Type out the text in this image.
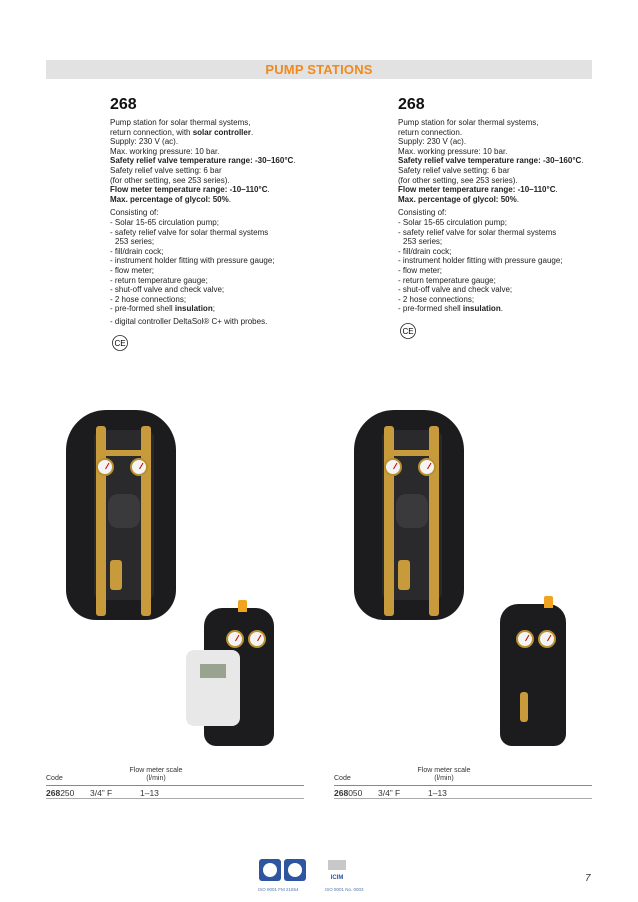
PUMP STATIONS
268
Pump station for solar thermal systems,
return connection, with solar controller.
Supply: 230 V (ac).
Max. working pressure: 10 bar.
Safety relief valve temperature range: -30–160°C.
Safety relief valve setting: 6 bar
(for other setting, see 253 series).
Flow meter temperature range: -10–110°C.
Max. percentage of glycol: 50%.
Consisting of:
- Solar 15-65 circulation pump;
- safety relief valve for solar thermal systems
253 series;
- fill/drain cock;
- instrument holder fitting with pressure gauge;
- flow meter;
- return temperature gauge;
- shut-off valve and check valve;
- 2 hose connections;
- pre-formed shell insulation;
- digital controller DeltaSol® C+ with probes.
CE
268
Pump station for solar thermal systems,
return connection.
Supply: 230 V (ac).
Max. working pressure: 10 bar.
Safety relief valve temperature range: -30–160°C.
Safety relief valve setting: 6 bar
(for other setting, see 253 series).
Flow meter temperature range: -10–110°C.
Max. percentage of glycol: 50%.
Consisting of:
- Solar 15-65 circulation pump;
- safety relief valve for solar thermal systems
253 series;
- fill/drain cock;
- instrument holder fitting with pressure gauge;
- flow meter;
- return temperature gauge;
- shut-off valve and check valve;
- 2 hose connections;
- pre-formed shell insulation.
CE
Code
Flow meter scale
(l/min)
268250 3/4” F	1–13
Code
Flow meter scale
(l/min)
268050 3/4” F	1–13
ISO 9001 FM 21654
ICIM
ISO 9001 No. 0003
7
